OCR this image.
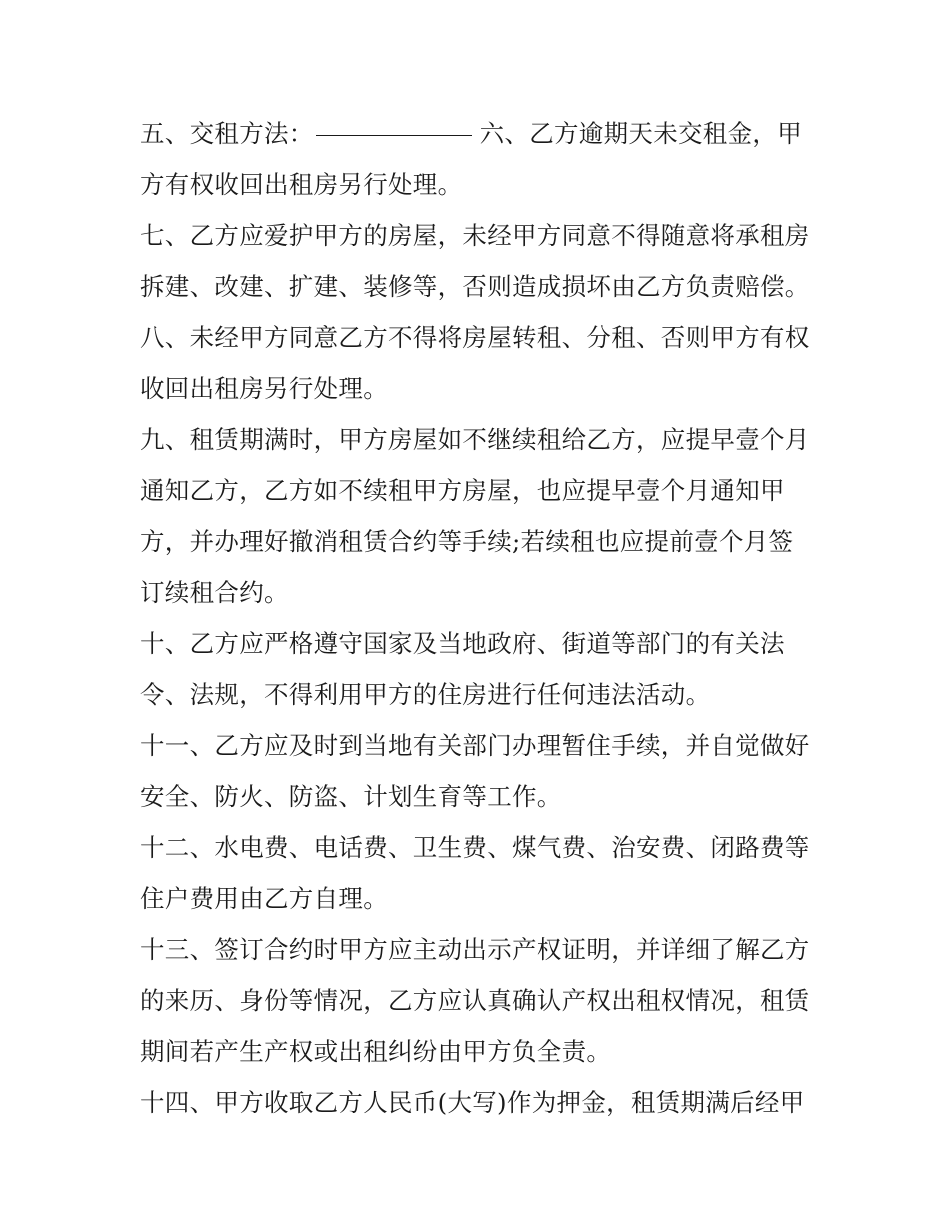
五、交租方法：	六、乙方逾期天未交租金，甲
方有权收回出租房另行处理。
七、乙方应爱护甲方的房屋，未经甲方同意不得随意将承租房
拆建、改建、扩建、装修等，否则造成损坏由乙方负责赔偿。
八、未经甲方同意乙方不得将房屋转租、分租、否则甲方有权
收回出租房另行处理。
九、租赁期满时，甲方房屋如不继续租给乙方，应提早壹个月
通知乙方，乙方如不续租甲方房屋，也应提早壹个月通知甲
方，并办理好撤消租赁合约等手续;若续租也应提前壹个月签
订续租合约。
十、乙方应严格遵守国家及当地政府、街道等部门的有关法
令、法规，不得利用甲方的住房进行任何违法活动。
十一、乙方应及时到当地有关部门办理暂住手续，并自觉做好
安全、防火、防盗、计划生育等工作。
十二、水电费、电话费、卫生费、煤气费、治安费、闭路费等
住户费用由乙方自理。
十三、签订合约时甲方应主动出示产权证明，并详细了解乙方
的来历、身份等情况，乙方应认真确认产权出租权情况，租赁
期间若产生产权或出租纠纷由甲方负全责。
十四、甲方收取乙方人民币(大写)作为押金，租赁期满后经甲
